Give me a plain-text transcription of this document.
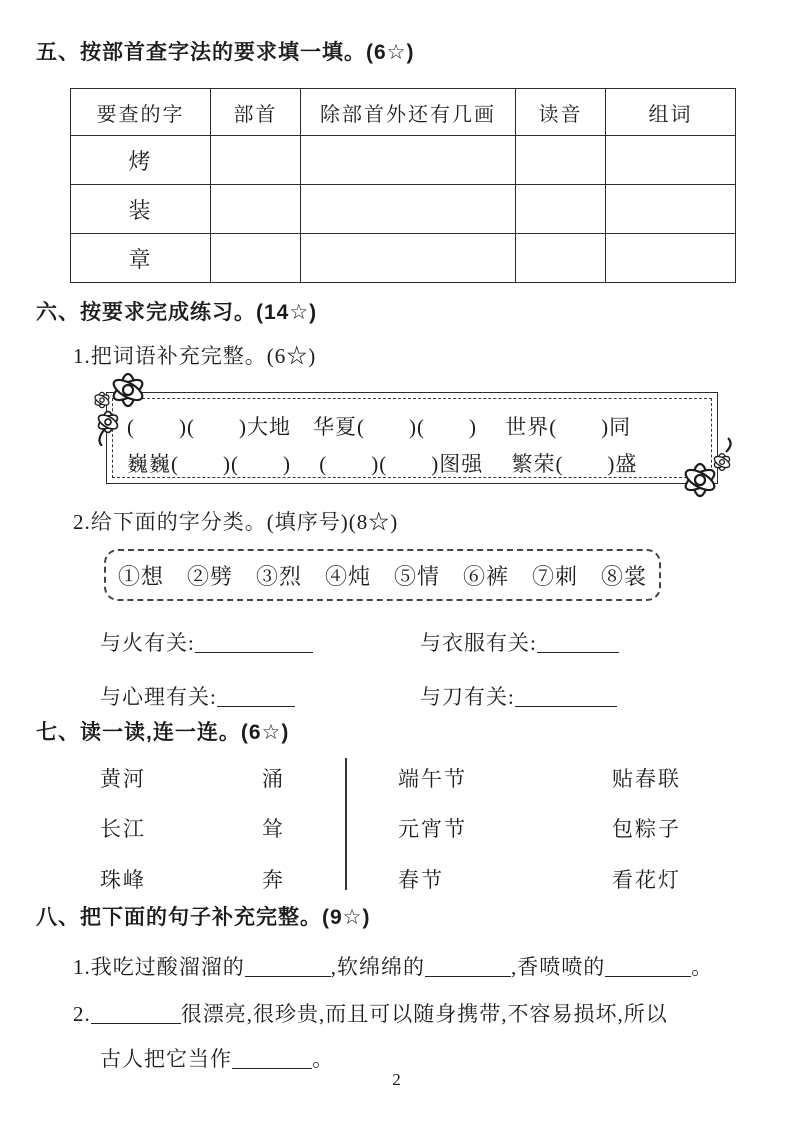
五、按部首查字法的要求填一填。(6☆)
要查的字	部首	除部首外还有几画	读音	组词
烤				
装				
章				
六、按要求完成练习。(14☆)
1.把词语补充完整。(6☆)
(　　)(　　)大地　华夏(　　)(　　)　 世界(　　)同
巍巍(　　)(　　)　 (　　)(　　)图强　 繁荣(　　)盛
2.给下面的字分类。(填序号)(8☆)
①想　②劈　③烈　④炖　⑤情　⑥裤　⑦刺　⑧裳
与火有关:	与衣服有关:
与心理有关:	与刀有关:
七、读一读,连一连。(6☆)
黄河
长江
珠峰
涌
耸
奔
端午节
元宵节
春节
贴春联
包粽子
看花灯
八、把下面的句子补充完整。(9☆)
1.我吃过酸溜溜的	,软绵绵的	,香喷喷的	。
2.	很漂亮,很珍贵,而且可以随身携带,不容易损坏,所以
古人把它当作	。
2
